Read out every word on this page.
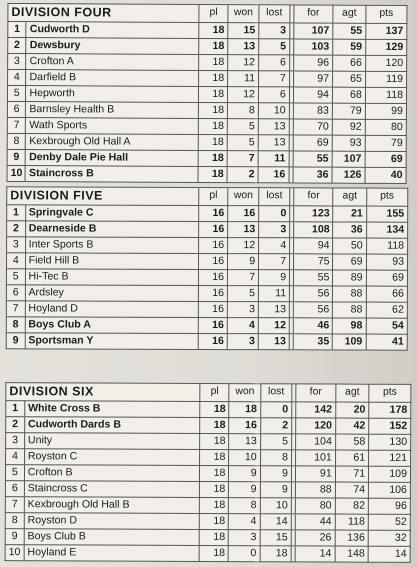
DIVISION FOUR		pl	won	lost		for	agt	pts
1	Cudworth D	18	15	3		107	55	137
2	Dewsbury	18	13	5		103	59	129
3	Crofton A	18	12	6		96	66	120
4	Darfield B	18	11	7		97	65	119
5	Hepworth	18	12	6		94	68	118
6	Barnsley Health B	18	8	10		83	79	99
7	Wath Sports	18	5	13		70	92	80
8	Kexbrough Old Hall A	18	5	13		69	93	79
9	Denby Dale Pie Hall	18	7	11		55	107	69
10	Staincross B	18	2	16		36	126	40
DIVISION FIVE		pl	won	lost		for	agt	pts
1	Springvale C	16	16	0		123	21	155
2	Dearneside B	16	13	3		108	36	134
3	Inter Sports B	16	12	4		94	50	118
4	Field Hill B	16	9	7		75	69	93
5	Hi-Tec B	16	7	9		55	89	69
6	Ardsley	16	5	11		56	88	66
7	Hoyland D	16	3	13		56	88	62
8	Boys Club A	16	4	12		46	98	54
9	Sportsman Y	16	3	13		35	109	41
DIVISION SIX		pl	won	lost		for	agt	pts
1	White Cross B	18	18	0		142	20	178
2	Cudworth Dards B	18	16	2		120	42	152
3	Unity	18	13	5		104	58	130
4	Royston C	18	10	8		101	61	121
5	Crofton B	18	9	9		91	71	109
6	Staincross C	18	9	9		88	74	106
7	Kexbrough Old Hall B	18	8	10		80	82	96
8	Royston D	18	4	14		44	118	52
9	Boys Club B	18	3	15		26	136	32
10	Hoyland E	18	0	18		14	148	14
